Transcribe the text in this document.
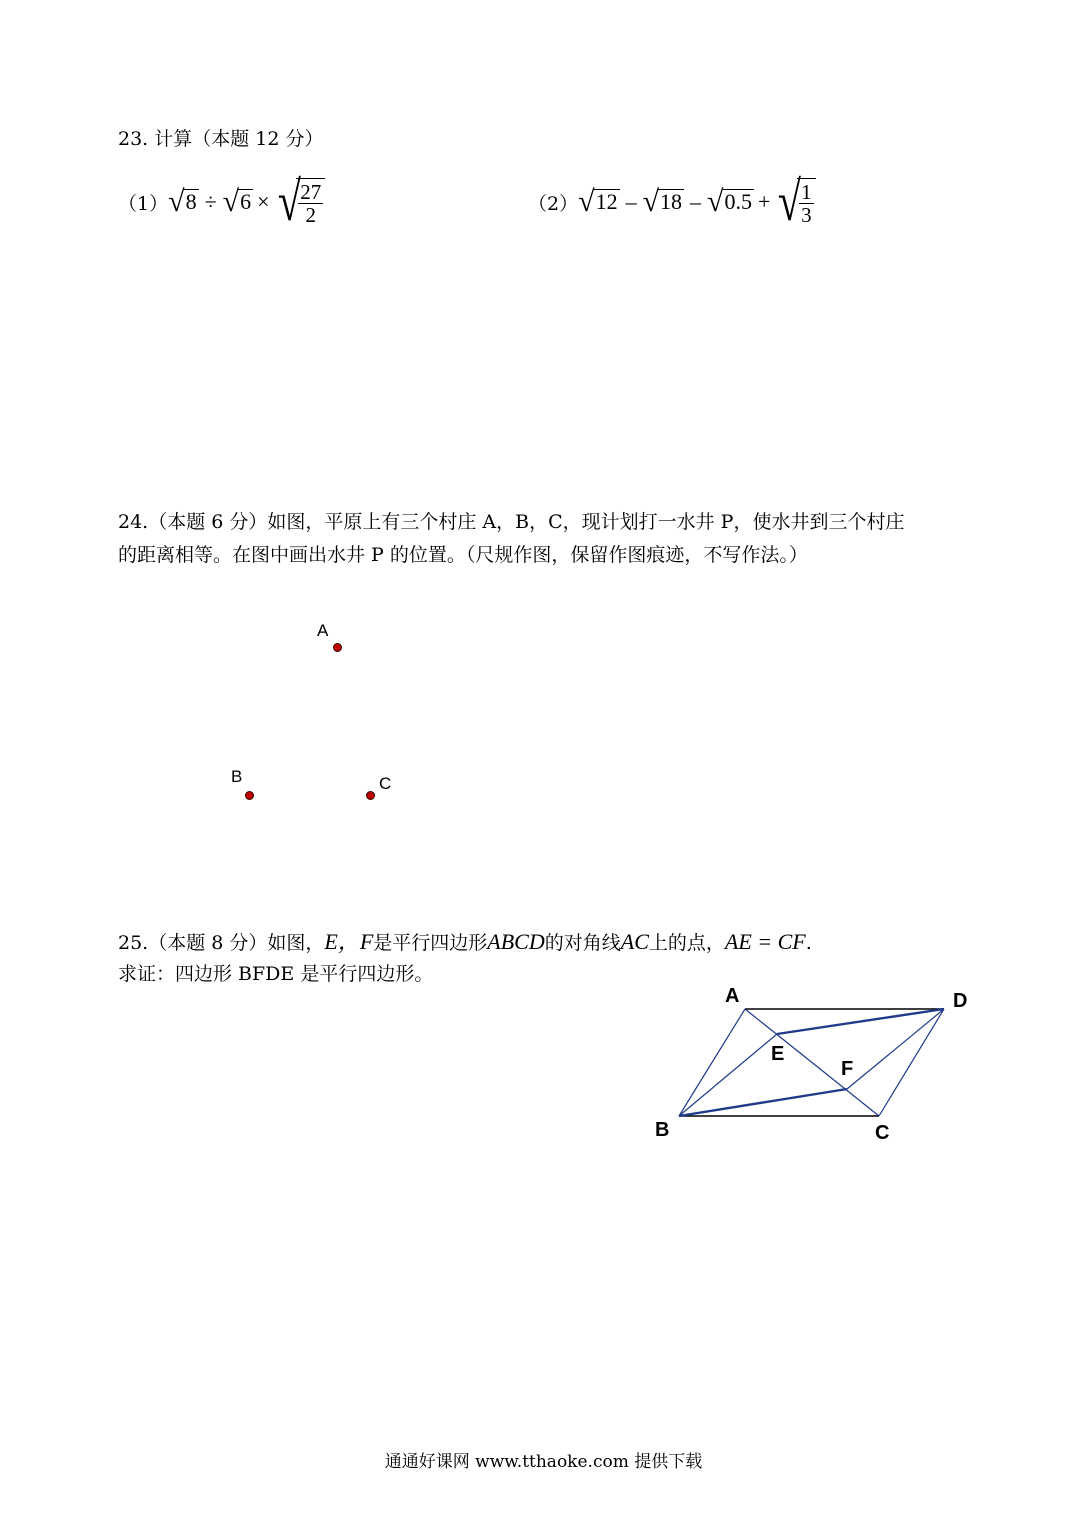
23. 计算（本题 12 分）
（1） √ 8 ÷ √ 6 × √
$\frac{27}{2}$	（2） √ 12 – √ 18 – √ 0.5 + √
$\frac{1}{3}$
24.（本题 6 分）如图，平原上有三个村庄 A，B，C，现计划打一水井 P，使水井到三个村庄
的距离相等。在图中画出水井 P 的位置。（尺规作图，保留作图痕迹，不写作法。）
A
B	C
25.（本题 8 分）如图， E，F 是平行四边形 ABCD 的对角线 AC 上的点， AE = CF .
求证：四边形 BFDE 是平行四边形。
A	D
E
F
B	C
通通好课网 www.tthaoke.com 提供下载
